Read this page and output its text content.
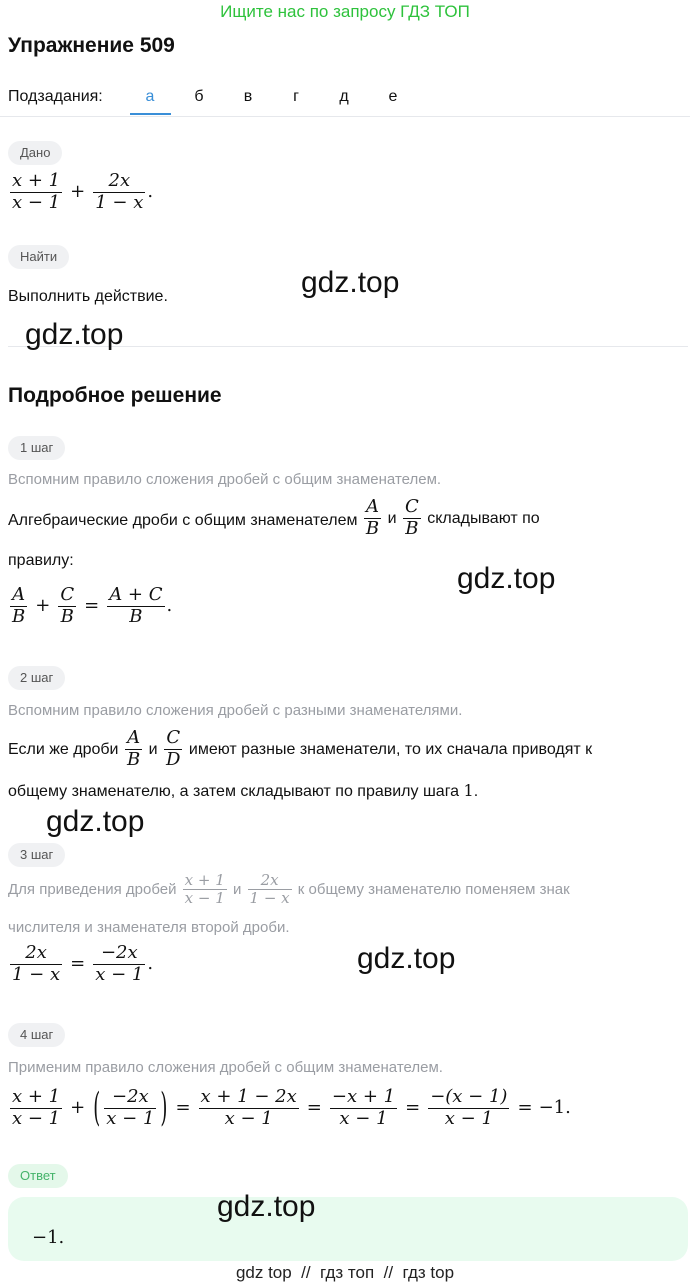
Ищите нас по запросу ГДЗ ТОП
Упражнение 509
Подзадания:	а	б	в	г	д	е
Дано
$\frac{x + 1}{x - 1} + \frac{2x}{1 - x}$ .
Найти
Выполнить действие.
Подробное решение
1 шаг
Вспомним правило сложения дробей с общим знаменателем.
Алгебраические дроби с общим знаменателем $\frac{A}{B}$ и $\frac{C}{B}$ складывают по
правилу:
$\frac{A}{B} + \frac{C}{B} = \frac{A + C}{B}$ .
2 шаг
Вспомним правило сложения дробей с разными знаменателями.
Если же дроби $\frac{A}{B}$ и $\frac{C}{D}$ имеют разные знаменатели, то их сначала приводят к
общему знаменателю, а затем складывают по правилу шага 1.
3 шаг
Для приведения дробей $\frac{x + 1}{x - 1}$ и $\frac{2x}{1 - x}$ к общему знаменателю поменяем знак
числителя и знаменателя второй дроби.
$\frac{2x}{1 - x} = \frac{-2x}{x - 1}$ .
4 шаг
Применим правило сложения дробей с общим знаменателем.
$\frac{x + 1}{x - 1}$ + ( $\frac{-2x}{x - 1}$ ) = $\frac{x + 1 - 2x}{x - 1} = \frac{-x + 1}{x - 1} = \frac{-(x - 1)}{x - 1} = -1$.
Ответ
−1.
gdz.top
gdz.top
gdz.top
gdz.top
gdz.top
gdz.top
gdz top  //  гдз топ  //  гдз top
